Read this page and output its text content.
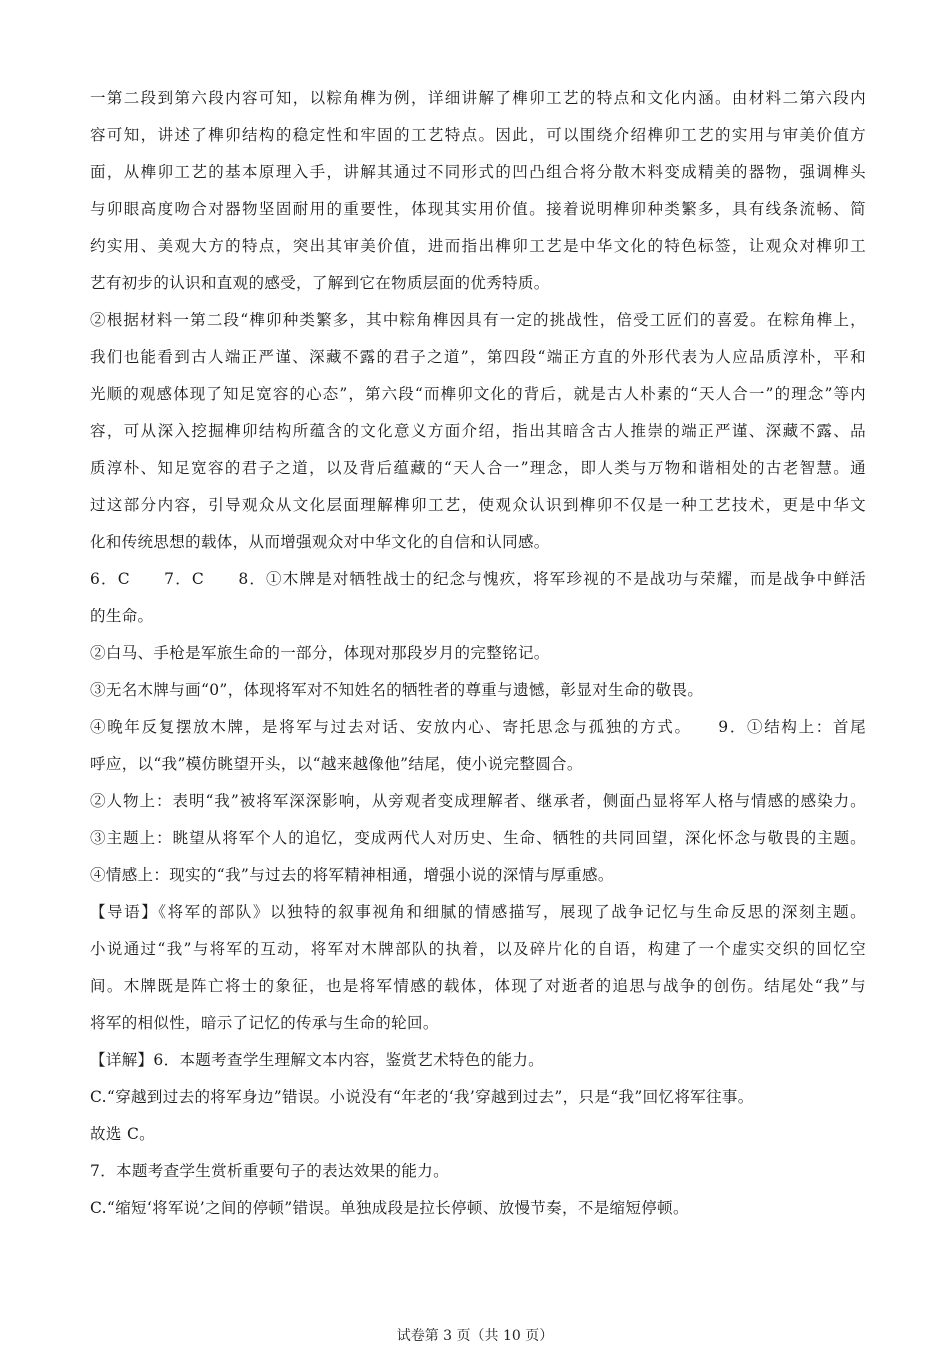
一第二段到第六段内容可知，以粽角榫为例，详细讲解了榫卯工艺的特点和文化内涵。由材料二第六段内
容可知，讲述了榫卯结构的稳定性和牢固的工艺特点。因此，可以围绕介绍榫卯工艺的实用与审美价值方
面，从榫卯工艺的基本原理入手，讲解其通过不同形式的凹凸组合将分散木料变成精美的器物，强调榫头
与卯眼高度吻合对器物坚固耐用的重要性，体现其实用价值。接着说明榫卯种类繁多，具有线条流畅、简
约实用、美观大方的特点，突出其审美价值，进而指出榫卯工艺是中华文化的特色标签，让观众对榫卯工
艺有初步的认识和直观的感受，了解到它在物质层面的优秀特质。
②根据材料一第二段“榫卯种类繁多，其中粽角榫因具有一定的挑战性，倍受工匠们的喜爱。在粽角榫上，
我们也能看到古人端正严谨、深藏不露的君子之道”，第四段“端正方直的外形代表为人应品质淳朴，平和
光顺的观感体现了知足宽容的心态”，第六段“而榫卯文化的背后，就是古人朴素的“天人合一”的理念”等内
容，可从深入挖掘榫卯结构所蕴含的文化意义方面介绍，指出其暗含古人推崇的端正严谨、深藏不露、品
质淳朴、知足宽容的君子之道，以及背后蕴藏的“天人合一”理念，即人类与万物和谐相处的古老智慧。通
过这部分内容，引导观众从文化层面理解榫卯工艺，使观众认识到榫卯不仅是一种工艺技术，更是中华文
化和传统思想的载体，从而增强观众对中华文化的自信和认同感。
6．C　　7．C　　8．①木牌是对牺牲战士的纪念与愧疚，将军珍视的不是战功与荣耀，而是战争中鲜活
的生命。
②白马、手枪是军旅生命的一部分，体现对那段岁月的完整铭记。
③无名木牌与画“0”，体现将军对不知姓名的牺牲者的尊重与遗憾，彰显对生命的敬畏。
④晚年反复摆放木牌，是将军与过去对话、安放内心、寄托思念与孤独的方式。　　9．①结构上：首尾
呼应，以“我”模仿眺望开头，以“越来越像他”结尾，使小说完整圆合。
②人物上：表明“我”被将军深深影响，从旁观者变成理解者、继承者，侧面凸显将军人格与情感的感染力。
③主题上：眺望从将军个人的追忆，变成两代人对历史、生命、牺牲的共同回望，深化怀念与敬畏的主题。
④情感上：现实的“我”与过去的将军精神相通，增强小说的深情与厚重感。
【导语】《将军的部队》以独特的叙事视角和细腻的情感描写，展现了战争记忆与生命反思的深刻主题。
小说通过“我”与将军的互动，将军对木牌部队的执着，以及碎片化的自语，构建了一个虚实交织的回忆空
间。木牌既是阵亡将士的象征，也是将军情感的载体，体现了对逝者的追思与战争的创伤。结尾处“我”与
将军的相似性，暗示了记忆的传承与生命的轮回。
【详解】6．本题考查学生理解文本内容，鉴赏艺术特色的能力。
C.“穿越到过去的将军身边”错误。小说没有“年老的‘我’穿越到过去”，只是“我”回忆将军往事。
故选 C。
7．本题考查学生赏析重要句子的表达效果的能力。
C.“缩短‘将军说’之间的停顿”错误。单独成段是拉长停顿、放慢节奏，不是缩短停顿。
试卷第 3 页（共 10 页）
